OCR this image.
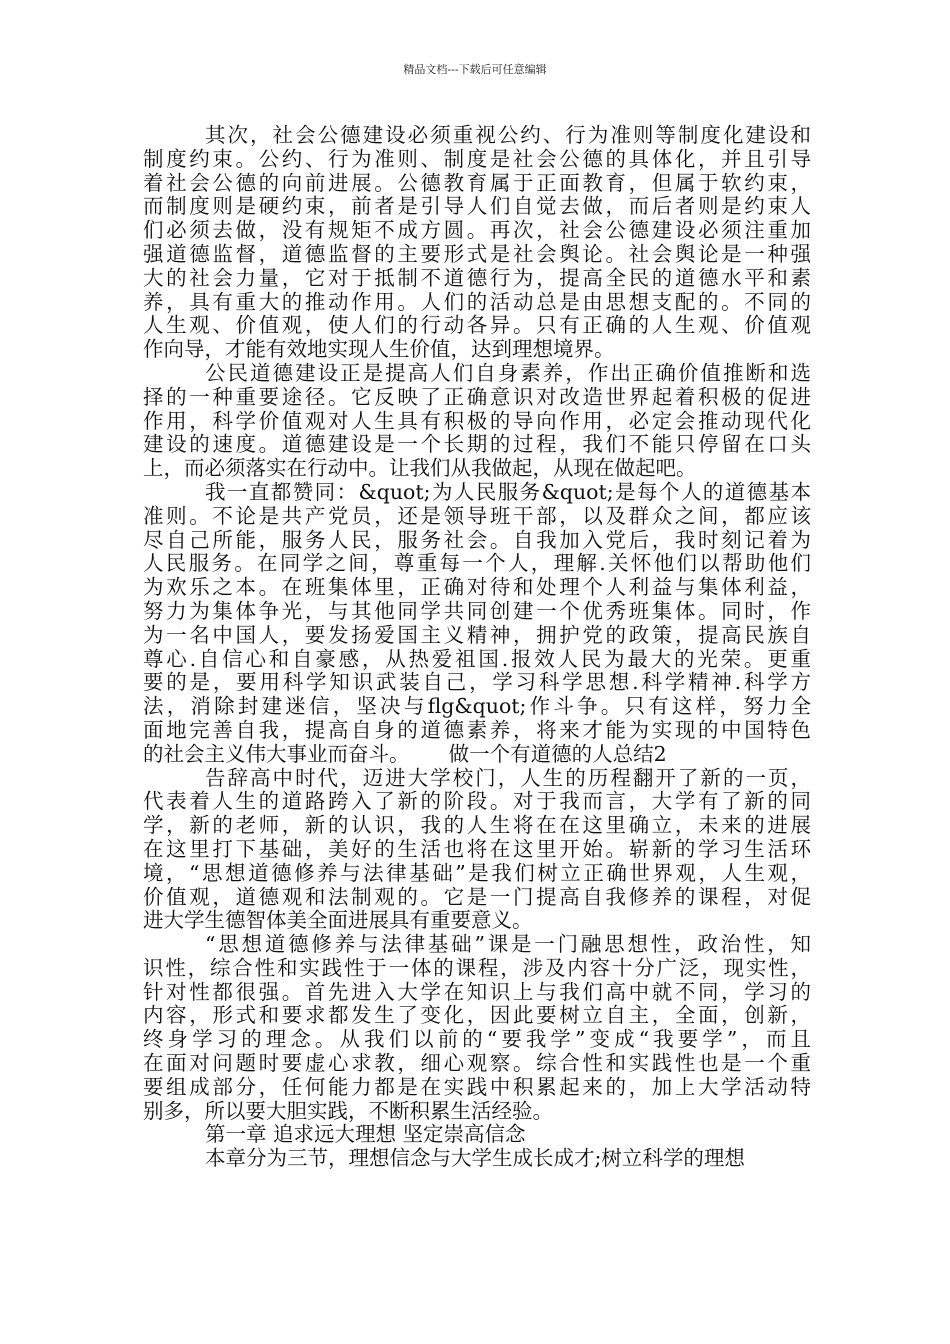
精品文档---下载后可任意编辑
其次，社会公德建设必须重视公约、行为准则等制度化建设和
制度约束。公约、行为准则、制度是社会公德的具体化，并且引导
着社会公德的向前进展。公德教育属于正面教育，但属于软约束，
而制度则是硬约束，前者是引导人们自觉去做，而后者则是约束人
们必须去做，没有规矩不成方圆。再次，社会公德建设必须注重加
强道德监督，道德监督的主要形式是社会舆论。社会舆论是一种强
大的社会力量，它对于抵制不道德行为，提高全民的道德水平和素
养，具有重大的推动作用。人们的活动总是由思想支配的。不同的
人生观、价值观，使人们的行动各异。只有正确的人生观、价值观
作向导，才能有效地实现人生价值，达到理想境界。
公民道德建设正是提高人们自身素养，作出正确价值推断和选
择的一种重要途径。它反映了正确意识对改造世界起着积极的促进
作用，科学价值观对人生具有积极的导向作用，必定会推动现代化
建设的速度。道德建设是一个长期的过程，我们不能只停留在口头
上，而必须落实在行动中。让我们从我做起，从现在做起吧。
我一直都赞同：&quot;为人民服务&quot;是每个人的道德基本
准则。不论是共产党员，还是领导班干部，以及群众之间，都应该
尽自己所能，服务人民，服务社会。自我加入党后，我时刻记着为
人民服务。在同学之间，尊重每一个人，理解.关怀他们以帮助他们
为欢乐之本。在班集体里，正确对待和处理个人利益与集体利益，
努力为集体争光，与其他同学共同创建一个优秀班集体。同时，作
为一名中国人，要发扬爱国主义精神，拥护党的政策，提高民族自
尊心.自信心和自豪感，从热爱祖国.报效人民为最大的光荣。更重
要的是，要用科学知识武装自己，学习科学思想.科学精神.科学方
法，消除封建迷信，坚决与flg&quot;作斗争。只有这样，努力全
面地完善自我，提高自身的道德素养，将来才能为实现的中国特色
的社会主义伟大事业而奋斗。      做一个有道德的人总结2
告辞高中时代，迈进大学校门，人生的历程翻开了新的一页，
代表着人生的道路跨入了新的阶段。对于我而言，大学有了新的同
学，新的老师，新的认识，我的人生将在在这里确立，未来的进展
在这里打下基础，美好的生活也将在这里开始。崭新的学习生活环
境，“思想道德修养与法律基础”是我们树立正确世界观，人生观，
价值观，道德观和法制观的。它是一门提高自我修养的课程，对促
进大学生德智体美全面进展具有重要意义。
“思想道德修养与法律基础”课是一门融思想性，政治性，知
识性，综合性和实践性于一体的课程，涉及内容十分广泛，现实性，
针对性都很强。首先进入大学在知识上与我们高中就不同，学习的
内容，形式和要求都发生了变化，因此要树立自主，全面，创新，
终身学习的理念。从我们以前的“要我学”变成“我要学”，而且
在面对问题时要虚心求教，细心观察。综合性和实践性也是一个重
要组成部分，任何能力都是在实践中积累起来的，加上大学活动特
别多，所以要大胆实践，不断积累生活经验。
第一章 追求远大理想 坚定崇高信念
本章分为三节，理想信念与大学生成长成才;树立科学的理想
